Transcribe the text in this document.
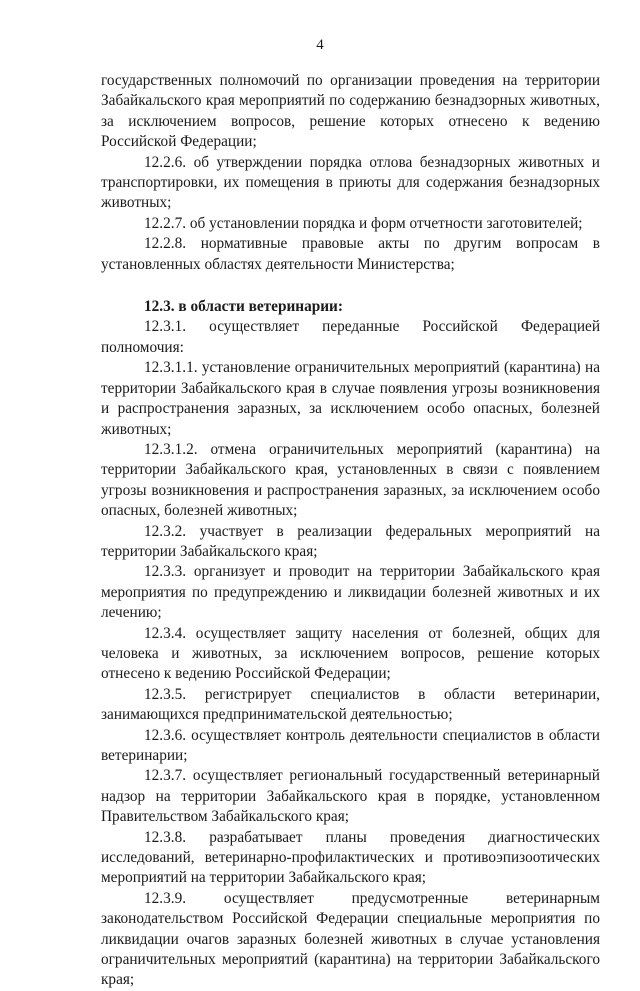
4

государственных полномочий по организации проведения на территории Забайкальского края мероприятий по содержанию безнадзорных животных, за исключением вопросов, решение которых отнесено к ведению Российской Федерации;

12.2.6. об утверждении порядка отлова безнадзорных животных и транспортировки, их помещения в приюты для содержания безнадзорных животных;

12.2.7. об установлении порядка и форм отчетности заготовителей;

12.2.8. нормативные правовые акты по другим вопросам в установленных областях деятельности Министерства;

12.3. в области ветеринарии:

12.3.1. осуществляет переданные Российской Федерацией полномочия:

12.3.1.1. установление ограничительных мероприятий (карантина) на территории Забайкальского края в случае появления угрозы возникновения и распространения заразных, за исключением особо опасных, болезней животных;

12.3.1.2. отмена ограничительных мероприятий (карантина) на территории Забайкальского края, установленных в связи с появлением угрозы возникновения и распространения заразных, за исключением особо опасных, болезней животных;

12.3.2. участвует в реализации федеральных мероприятий на территории Забайкальского края;

12.3.3. организует и проводит на территории Забайкальского края мероприятия по предупреждению и ликвидации болезней животных и их лечению;

12.3.4. осуществляет защиту населения от болезней, общих для человека и животных, за исключением вопросов, решение которых отнесено к ведению Российской Федерации;

12.3.5. регистрирует специалистов в области ветеринарии, занимающихся предпринимательской деятельностью;

12.3.6. осуществляет контроль деятельности специалистов в области ветеринарии;

12.3.7. осуществляет региональный государственный ветеринарный надзор на территории Забайкальского края в порядке, установленном Правительством Забайкальского края;

12.3.8. разрабатывает планы проведения диагностических исследований, ветеринарно-профилактических и противоэпизоотических мероприятий на территории Забайкальского края;

12.3.9. осуществляет предусмотренные ветеринарным законодательством Российской Федерации специальные мероприятия по ликвидации очагов заразных болезней животных в случае установления ограничительных мероприятий (карантина) на территории Забайкальского края;
